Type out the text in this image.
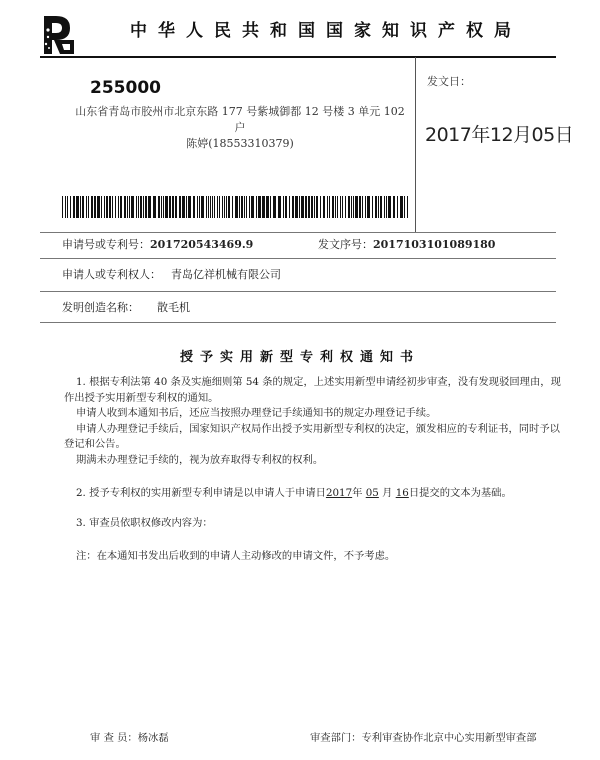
中华人民共和国国家知识产权局
255000
山东省青岛市胶州市北京东路 177 号紫城御都 12 号楼 3 单元 102 户
陈婷(18553310379)
发文日：
2017年12月05日
申请号或专利号：201720543469.9	发文序号：2017103101089180
申请人或专利权人： 青岛亿祥机械有限公司
发明创造名称： 散毛机
授予实用新型专利权通知书

1. 根据专利法第 40 条及实施细则第 54 条的规定，上述实用新型申请经初步审查，没有发现驳回理由，现作出授予实用新型专利权的通知。

申请人收到本通知书后，还应当按照办理登记手续通知书的规定办理登记手续。

申请人办理登记手续后，国家知识产权局作出授予实用新型专利权的决定，颁发相应的专利证书，同时予以登记和公告。

期满未办理登记手续的，视为放弃取得专利权的权利。

2. 授予专利权的实用新型专利申请是以申请人于申请日2017年 05 月 16日提交的文本为基础。

3. 审查员依职权修改内容为：

注：在本通知书发出后收到的申请人主动修改的申请文件，不予考虑。

审 查 员：杨冰磊	审查部门：专利审查协作北京中心实用新型审查部
